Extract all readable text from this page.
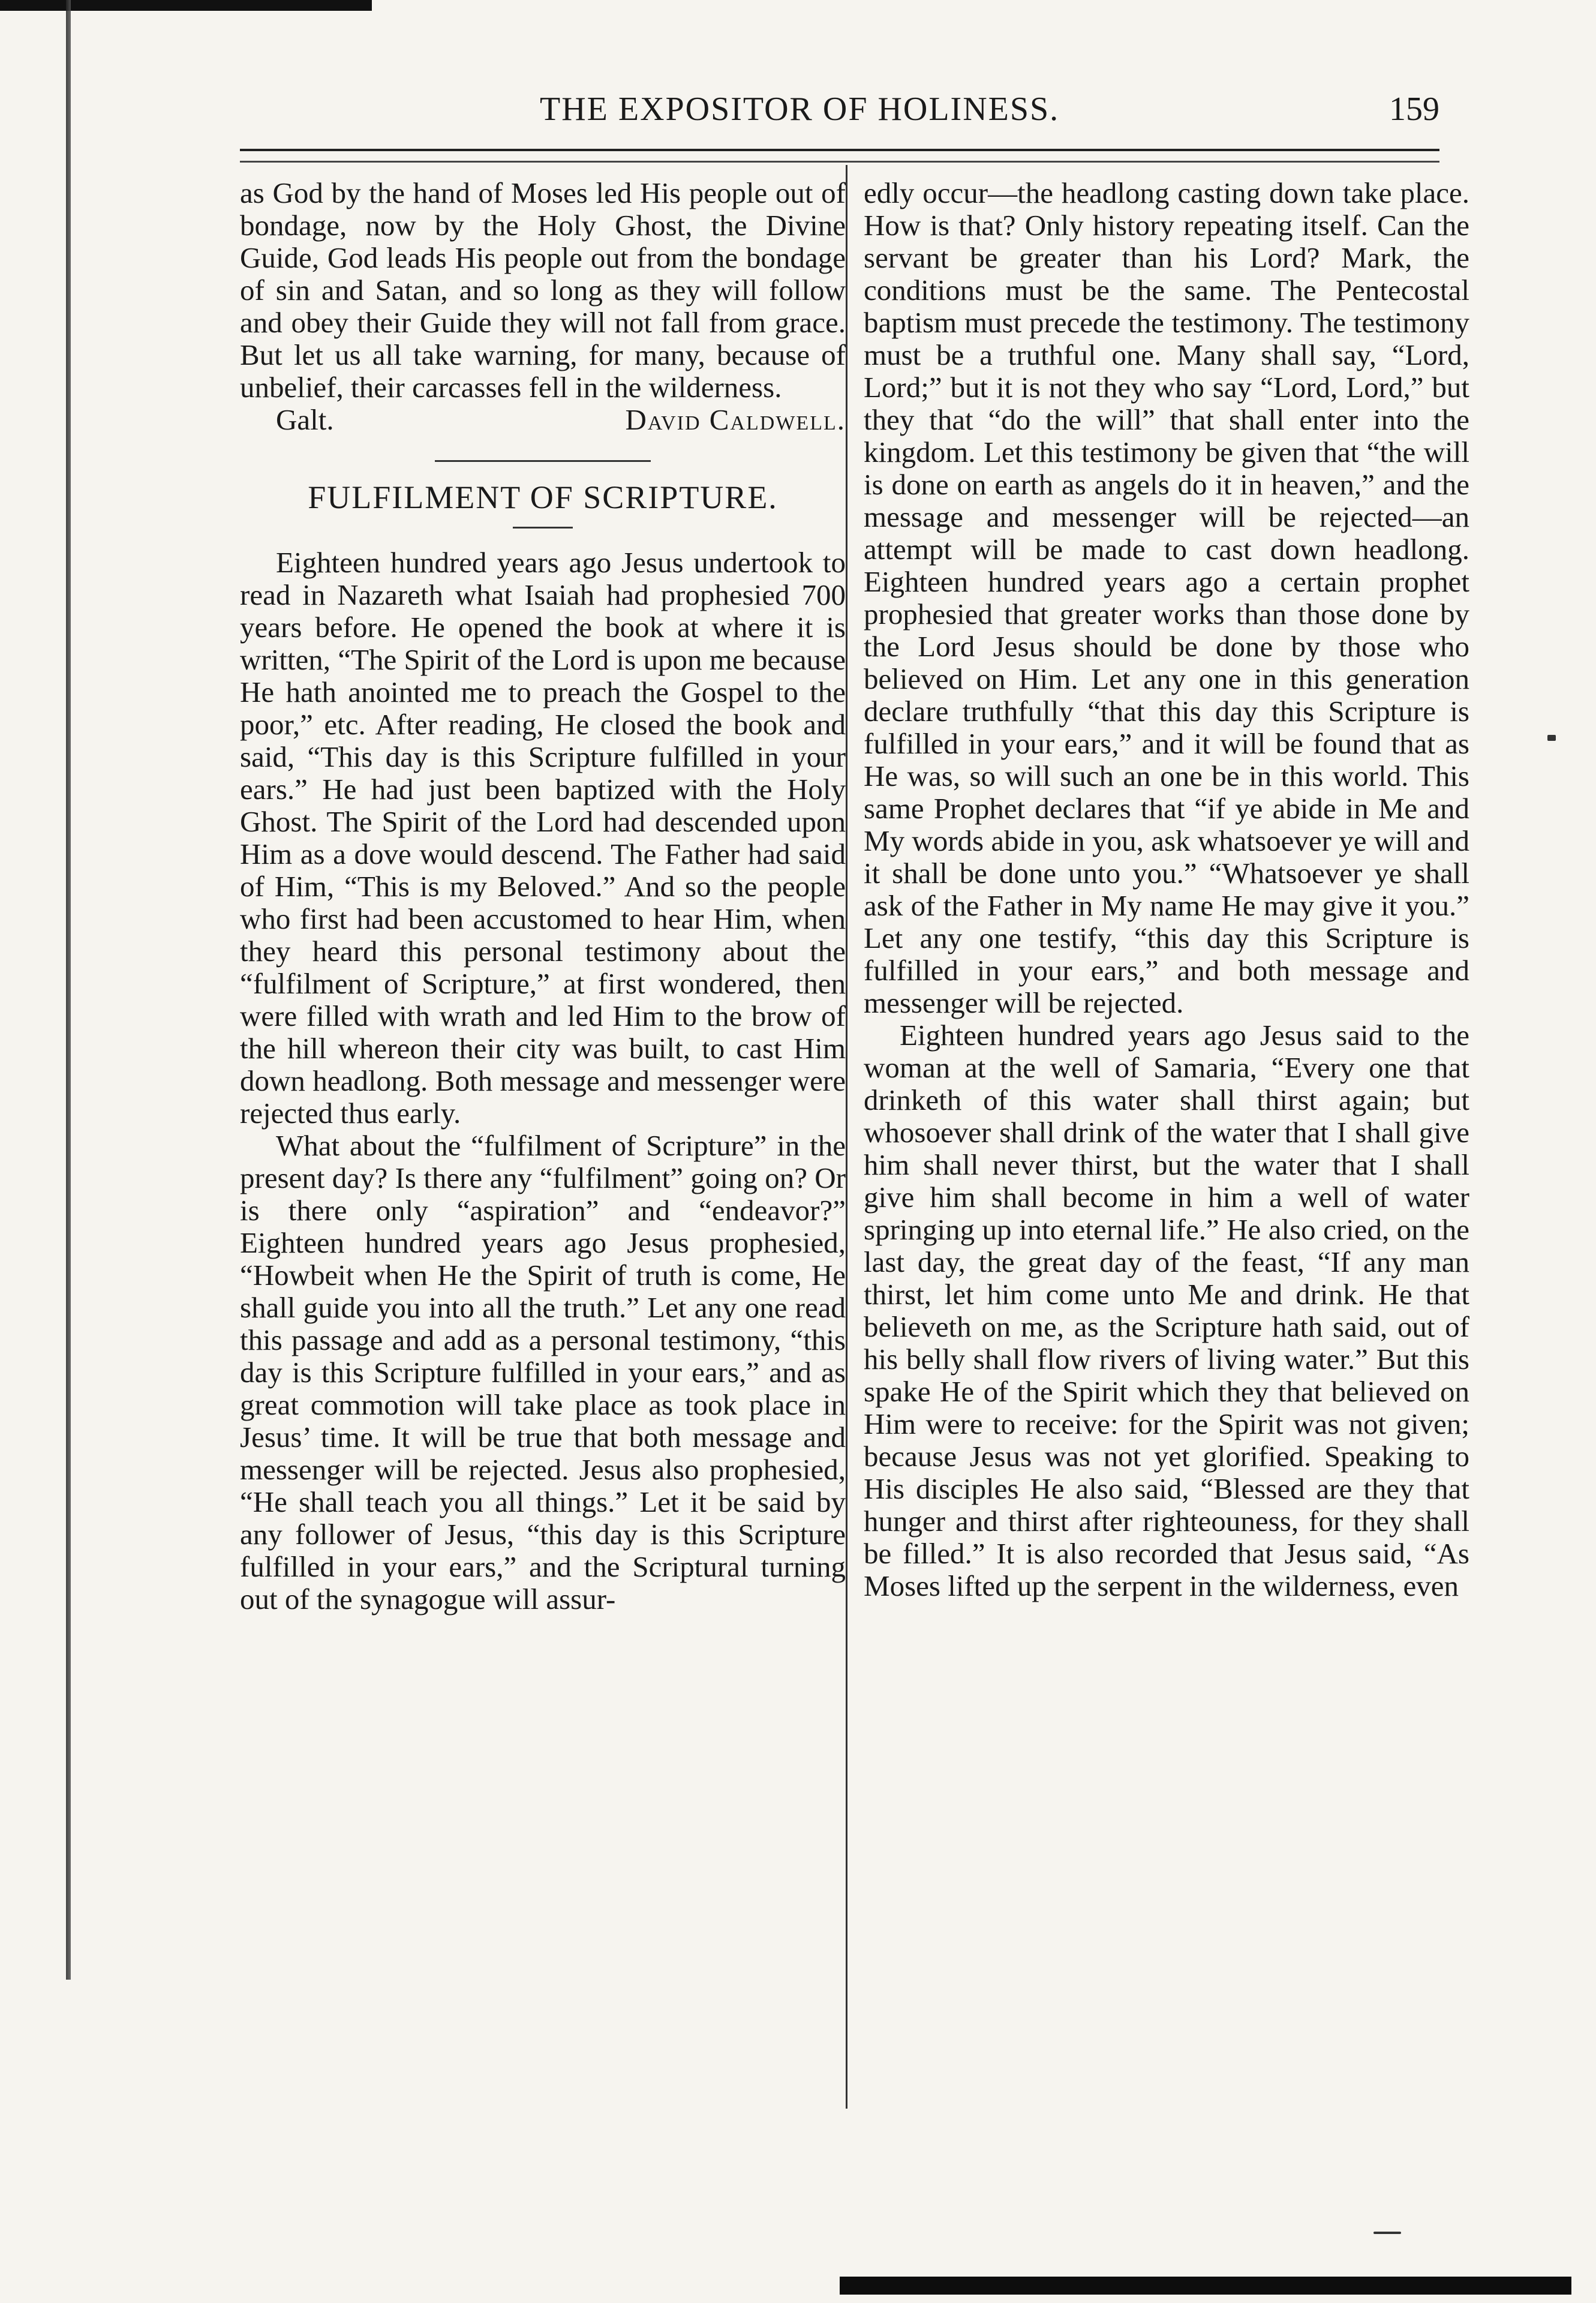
THE EXPOSITOR OF HOLINESS.	159

as God by the hand of Moses led His people out of bondage, now by the Holy Ghost, the Divine Guide, God leads His people out from the bondage of sin and Satan, and so long as they will follow and obey their Guide they will not fall from grace. But let us all take warning, for many, because of unbelief, their carcasses fell in the wilderness.

Galt.	David Caldwell.
FULFILMENT OF SCRIPTURE.

Eighteen hundred years ago Jesus undertook to read in Nazareth what Isaiah had prophesied 700 years before. He opened the book at where it is written, “The Spirit of the Lord is upon me because He hath anointed me to preach the Gospel to the poor,” etc. After reading, He closed the book and said, “This day is this Scripture fulfilled in your ears.” He had just been baptized with the Holy Ghost. The Spirit of the Lord had descended upon Him as a dove would descend. The Father had said of Him, “This is my Beloved.” And so the people who first had been accustomed to hear Him, when they heard this personal testimony about the “fulfilment of Scripture,” at first wondered, then were filled with wrath and led Him to the brow of the hill whereon their city was built, to cast Him down headlong. Both message and messenger were rejected thus early.

What about the “fulfilment of Scripture” in the present day? Is there any “fulfilment” going on? Or is there only “aspiration” and “endeavor?” Eighteen hundred years ago Jesus prophesied, “Howbeit when He the Spirit of truth is come, He shall guide you into all the truth.” Let any one read this passage and add as a personal testimony, “this day is this Scripture fulfilled in your ears,” and as great commotion will take place as took place in Jesus’ time. It will be true that both message and messenger will be rejected. Jesus also prophesied, “He shall teach you all things.” Let it be said by any follower of Jesus, “this day is this Scripture fulfilled in your ears,” and the Scriptural turning out of the synagogue will assur-

edly occur—the headlong casting down take place. How is that? Only history repeating itself. Can the servant be greater than his Lord? Mark, the conditions must be the same. The Pentecostal baptism must precede the testimony. The testimony must be a truthful one. Many shall say, “Lord, Lord;” but it is not they who say “Lord, Lord,” but they that “do the will” that shall enter into the kingdom. Let this testimony be given that “the will is done on earth as angels do it in heaven,” and the message and messenger will be rejected—an attempt will be made to cast down headlong. Eighteen hundred years ago a certain prophet prophesied that greater works than those done by the Lord Jesus should be done by those who believed on Him. Let any one in this generation declare truthfully “that this day this Scripture is fulfilled in your ears,” and it will be found that as He was, so will such an one be in this world. This same Prophet declares that “if ye abide in Me and My words abide in you, ask whatsoever ye will and it shall be done unto you.” “Whatsoever ye shall ask of the Father in My name He may give it you.” Let any one testify, “this day this Scripture is fulfilled in your ears,” and both message and messenger will be rejected.

Eighteen hundred years ago Jesus said to the woman at the well of Samaria, “Every one that drinketh of this water shall thirst again; but whosoever shall drink of the water that I shall give him shall never thirst, but the water that I shall give him shall become in him a well of water springing up into eternal life.” He also cried, on the last day, the great day of the feast, “If any man thirst, let him come unto Me and drink. He that believeth on me, as the Scripture hath said, out of his belly shall flow rivers of living water.” But this spake He of the Spirit which they that believed on Him were to receive: for the Spirit was not given; because Jesus was not yet glorified. Speaking to His disciples He also said, “Blessed are they that hunger and thirst after righteouness, for they shall be filled.” It is also recorded that Jesus said, “As Moses lifted up the serpent in the wilderness, even
